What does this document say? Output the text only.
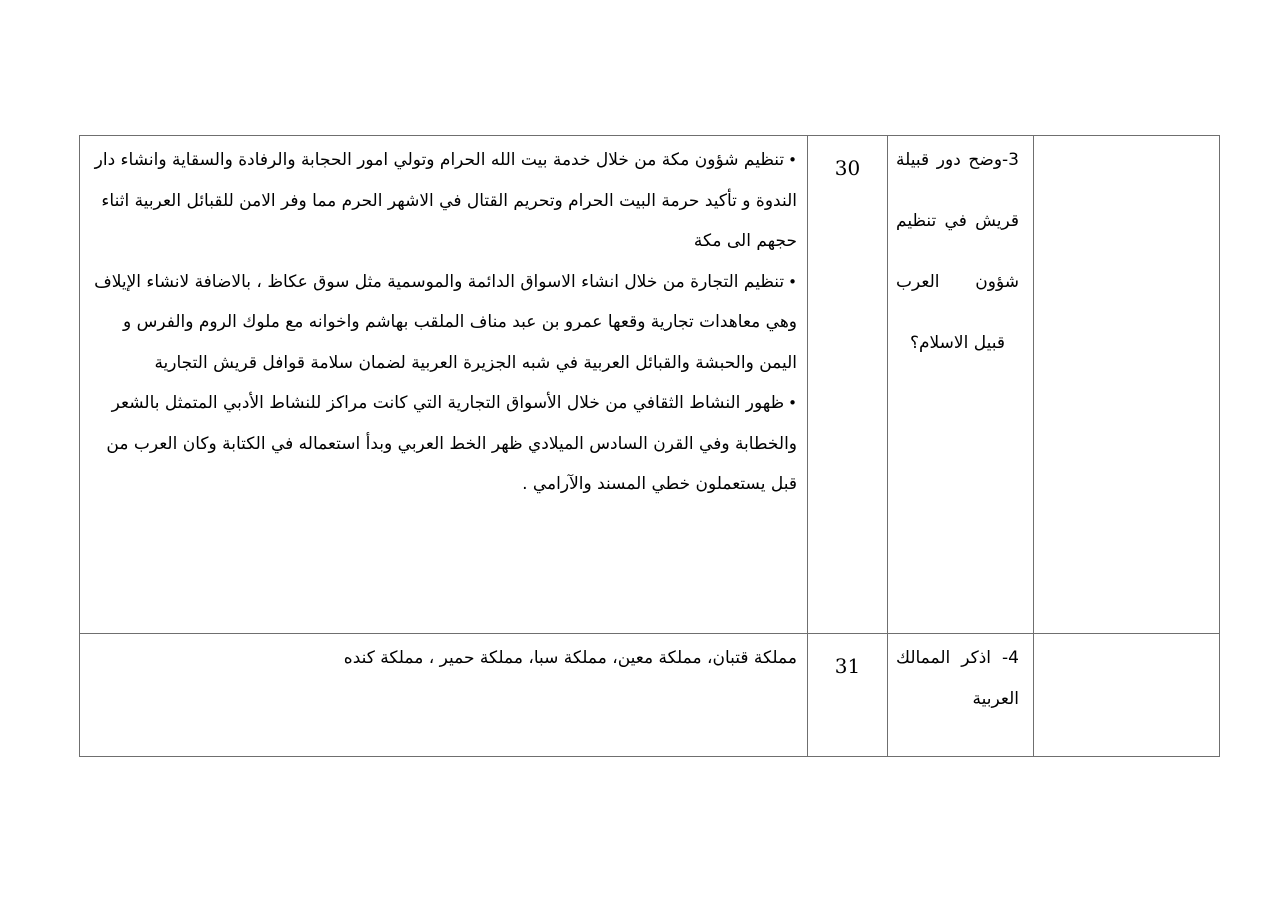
	3-وضح دور قبيلة قريش في تنظيم شؤون العرب قبيل الاسلام؟	30	•تنظيم شؤون مكة من خلال خدمة بيت الله الحرام وتولي امور الحجابة والرفادة والسقاية وانشاء دار الندوة و تأكيد حرمة البيت الحرام وتحريم القتال في الاشهر الحرم مما وفر الامن للقبائل العربية اثناء حجهم الى مكة

•تنظيم التجارة من خلال انشاء الاسواق الدائمة والموسمية مثل سوق عكاظ ، بالاضافة لانشاء الإيلاف وهي معاهدات تجارية وقعها عمرو بن عبد مناف الملقب بهاشم واخوانه مع ملوك الروم والفرس و اليمن والحبشة والقبائل العربية في شبه الجزيرة العربية لضمان سلامة قوافل قريش التجارية

•ظهور النشاط الثقافي من خلال الأسواق التجارية التي كانت مراكز للنشاط الأدبي المتمثل بالشعر والخطابة وفي القرن السادس الميلادي ظهر الخط العربي وبدأ استعماله في الكتابة وكان العرب من قبل يستعملون خطي المسند والآرامي .

	4- اذكر الممالك العربية	31	مملكة قتبان، مملكة معين، مملكة سبا، مملكة حمير ، مملكة كنده
